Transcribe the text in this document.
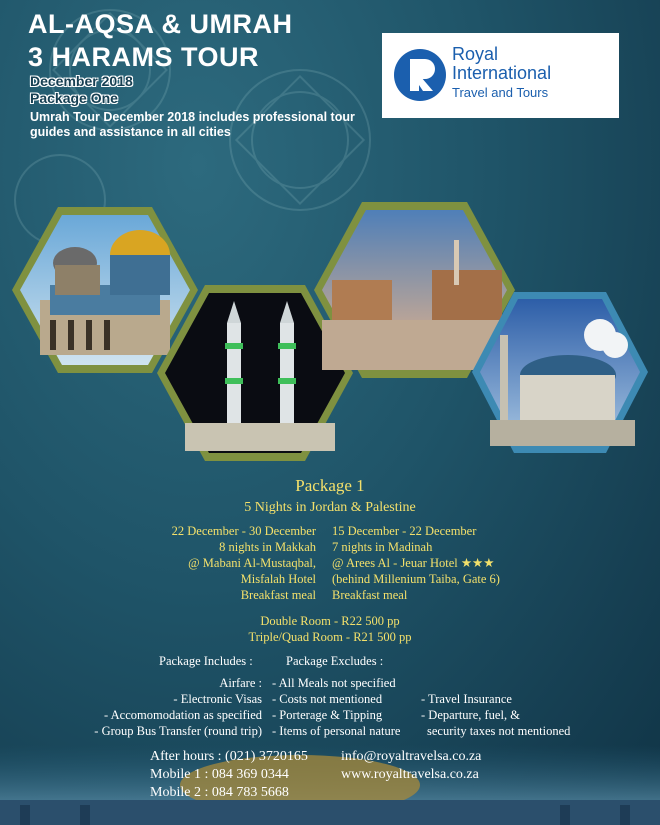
AL-AQSA & UMRAH
3 HARAMS TOUR
December 2018
Package One
Umrah Tour December 2018 includes professional tour guides and assistance in all cities
Royal
International
Travel and Tours
Package 1
5 Nights in Jordan & Palestine
22 December - 30 December
8 nights in Makkah
@ Mabani Al-Mustaqbal,
Misfalah Hotel
Breakfast meal
15 December - 22 December
7 nights in Madinah
@ Arees Al - Jeuar Hotel ★★★
(behind Millenium Taiba, Gate 6)
Breakfast meal
Double Room - R22 500 pp
Triple/Quad Room - R21 500 pp
Package Includes :	Package Excludes :
Airfare :
- Electronic Visas
- Accomomodation as specified
- Group Bus Transfer (round trip)
- All Meals not specified
- Costs not mentioned
- Porterage & Tipping
- Items of personal nature
- Travel Insurance
- Departure, fuel, &
security taxes not mentioned
After hours : (021) 3720165
Mobile 1 : 084 369 0344
Mobile 2 : 084 783 5668
info@royaltravelsa.co.za
www.royaltravelsa.co.za
